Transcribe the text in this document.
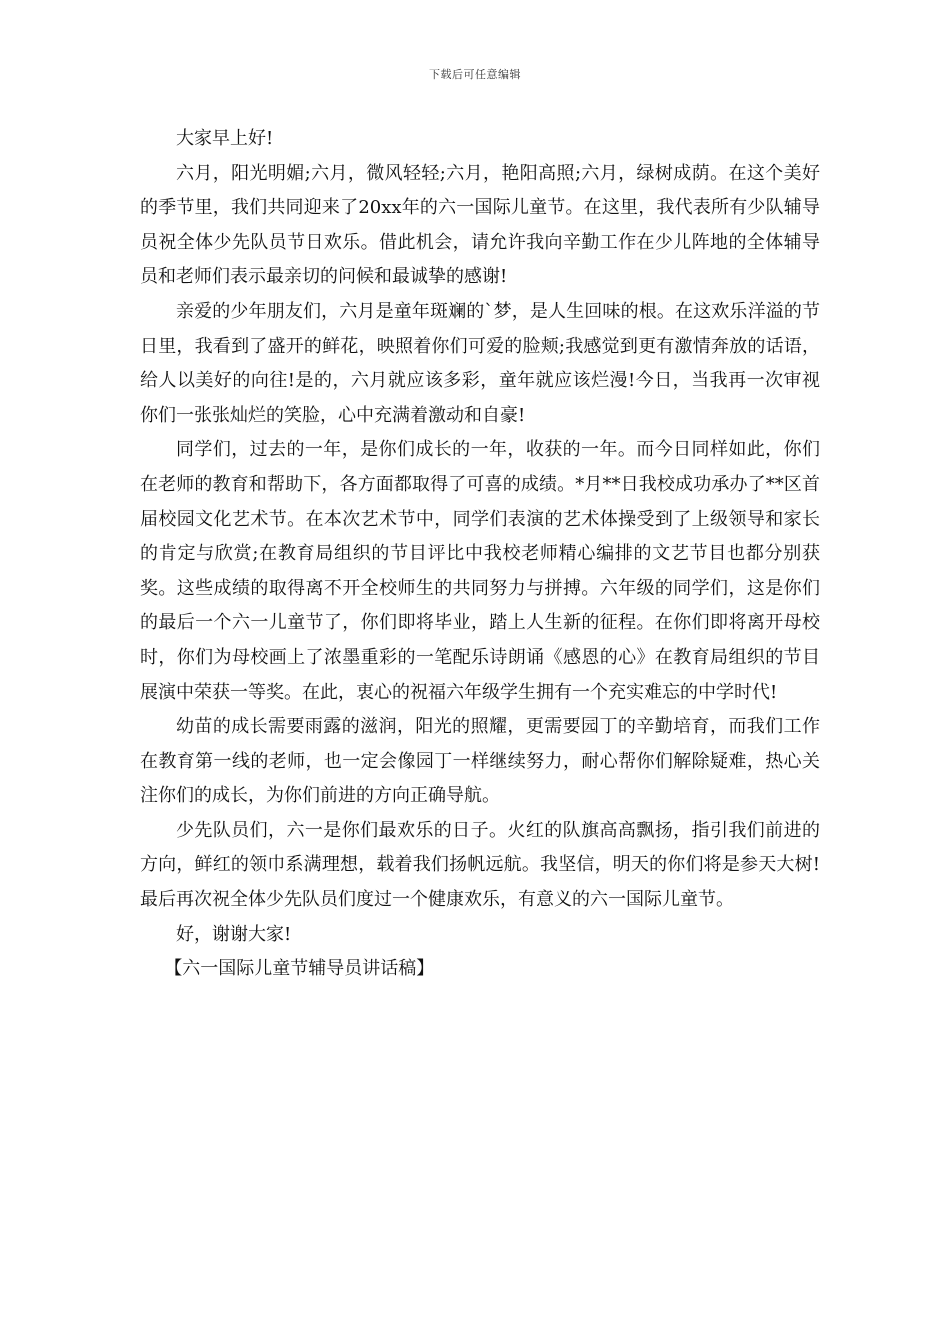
下载后可任意编辑

大家早上好!

六月，阳光明媚;六月，微风轻轻;六月，艳阳高照;六月，绿树成荫。在这个美好的季节里，我们共同迎来了20xx年的六一国际儿童节。在这里，我代表所有少队辅导员祝全体少先队员节日欢乐。借此机会，请允许我向辛勤工作在少儿阵地的全体辅导员和老师们表示最亲切的问候和最诚挚的感谢!

亲爱的少年朋友们，六月是童年斑斓的`梦，是人生回味的根。在这欢乐洋溢的节日里，我看到了盛开的鲜花，映照着你们可爱的脸颊;我感觉到更有激情奔放的话语，给人以美好的向往!是的，六月就应该多彩，童年就应该烂漫!今日，当我再一次审视你们一张张灿烂的笑脸，心中充满着激动和自豪!

同学们，过去的一年，是你们成长的一年，收获的一年。而今日同样如此，你们在老师的教育和帮助下，各方面都取得了可喜的成绩。*月**日我校成功承办了**区首届校园文化艺术节。在本次艺术节中，同学们表演的艺术体操受到了上级领导和家长的肯定与欣赏;在教育局组织的节目评比中我校老师精心编排的文艺节目也都分别获奖。这些成绩的取得离不开全校师生的共同努力与拼搏。六年级的同学们，这是你们的最后一个六一儿童节了，你们即将毕业，踏上人生新的征程。在你们即将离开母校时，你们为母校画上了浓墨重彩的一笔配乐诗朗诵《感恩的心》在教育局组织的节目展演中荣获一等奖。在此，衷心的祝福六年级学生拥有一个充实难忘的中学时代!

幼苗的成长需要雨露的滋润，阳光的照耀，更需要园丁的辛勤培育，而我们工作在教育第一线的老师，也一定会像园丁一样继续努力，耐心帮你们解除疑难，热心关注你们的成长，为你们前进的方向正确导航。

少先队员们，六一是你们最欢乐的日子。火红的队旗高高飘扬，指引我们前进的方向，鲜红的领巾系满理想，载着我们扬帆远航。我坚信，明天的你们将是参天大树!最后再次祝全体少先队员们度过一个健康欢乐，有意义的六一国际儿童节。

好，谢谢大家!

【六一国际儿童节辅导员讲话稿】
